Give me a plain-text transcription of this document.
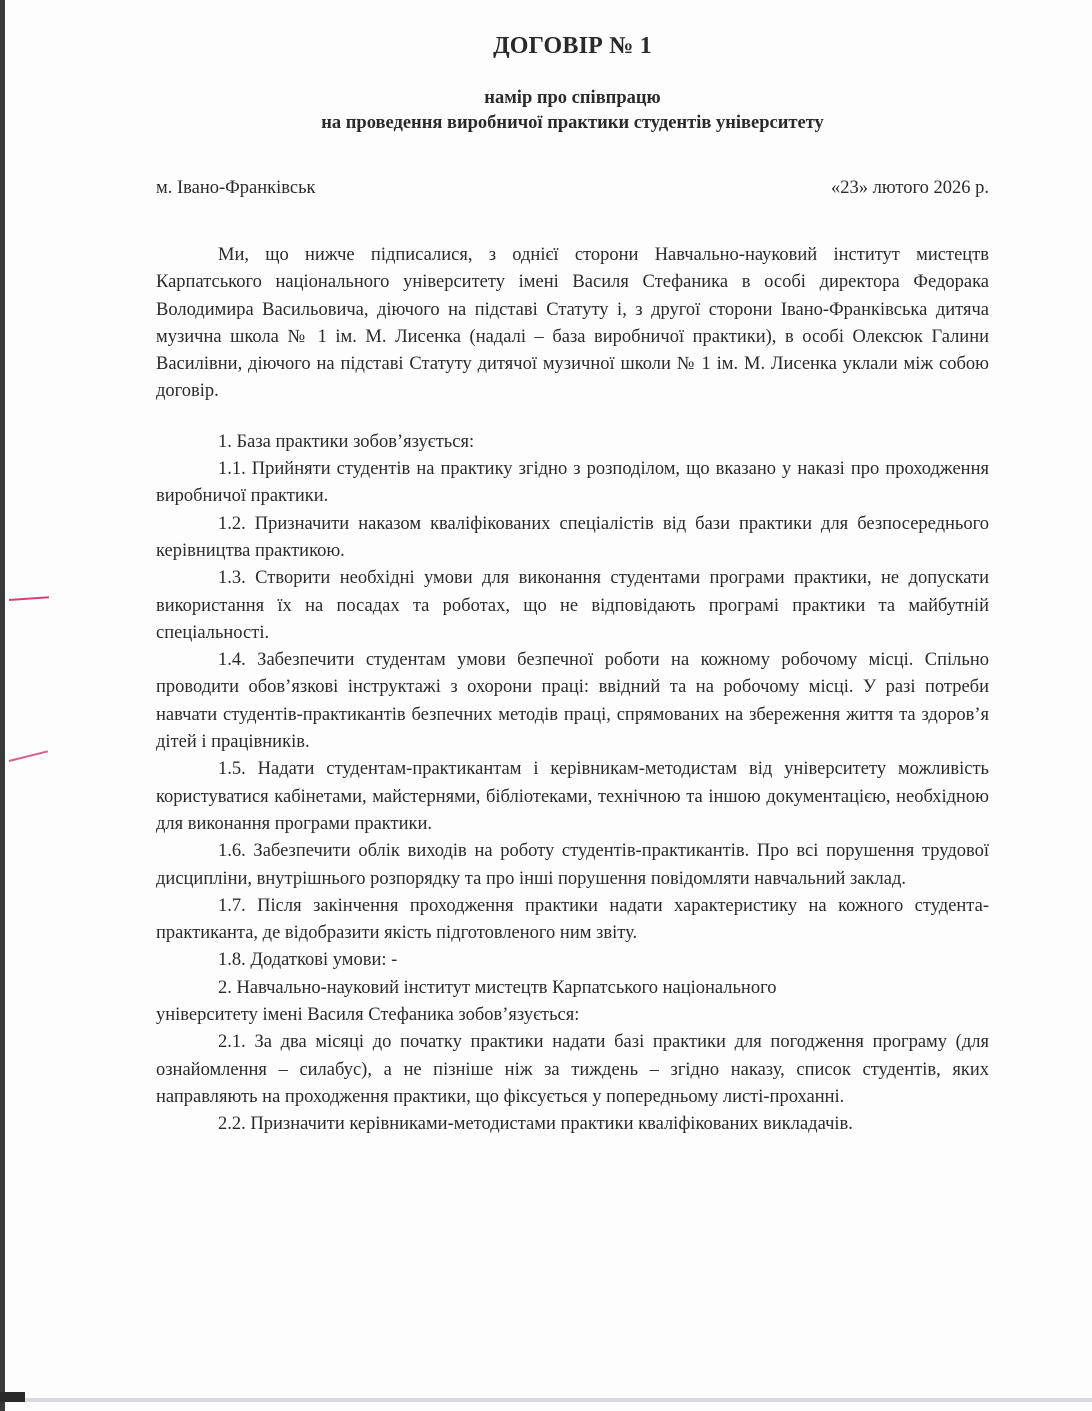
ДОГОВІР № 1
намір про співпрацю
на проведення виробничої практики студентів університету
м. Івано-Франківськ	«23» лютого 2026 р.

Ми, що нижче підписалися, з однієї сторони Навчально-науковий інститут мистецтв Карпатського національного університету імені Василя Стефаника в особі директора Федорака Володимира Васильовича, діючого на підставі Статуту і, з другої сторони Івано-Франківська дитяча музична школа № 1 ім. М. Лисенка (надалі – база виробничої практики), в особі Олексюк Галини Василівни, діючого на підставі Статуту дитячої музичної школи № 1 ім. М. Лисенка уклали між собою договір.

1. База практики зобов’язується:

1.1. Прийняти студентів на практику згідно з розподілом, що вказано у наказі про проходження виробничої практики.

1.2. Призначити наказом кваліфікованих спеціалістів від бази практики для безпосереднього керівництва практикою.

1.3. Створити необхідні умови для виконання студентами програми практики, не допускати використання їх на посадах та роботах, що не відповідають програмі практики та майбутній спеціальності.

1.4. Забезпечити студентам умови безпечної роботи на кожному робочому місці. Спільно проводити обов’язкові інструктажі з охорони праці: ввідний та на робочому місці. У разі потреби навчати студентів-практикантів безпечних методів праці, спрямованих на збереження життя та здоров’я дітей і працівників.

1.5. Надати студентам-практикантам і керівникам-методистам від університету можливість користуватися кабінетами, майстернями, бібліотеками, технічною та іншою документацією, необхідною для виконання програми практики.

1.6. Забезпечити облік виходів на роботу студентів-практикантів. Про всі порушення трудової дисципліни, внутрішнього розпорядку та про інші порушення повідомляти навчальний заклад.

1.7. Після закінчення проходження практики надати характеристику на кожного студента-практиканта, де відобразити якість підготовленого ним звіту.

1.8. Додаткові умови: -

2. Навчально-науковий інститут мистецтв Карпатського національного

університету імені Василя Стефаника зобов’язується:

2.1. За два місяці до початку практики надати базі практики для погодження програму (для ознайомлення – силабус), а не пізніше ніж за тиждень – згідно наказу, список студентів, яких направляють на проходження практики, що фіксується у попередньому листі-проханні.

2.2. Призначити керівниками-методистами практики кваліфікованих викладачів.
